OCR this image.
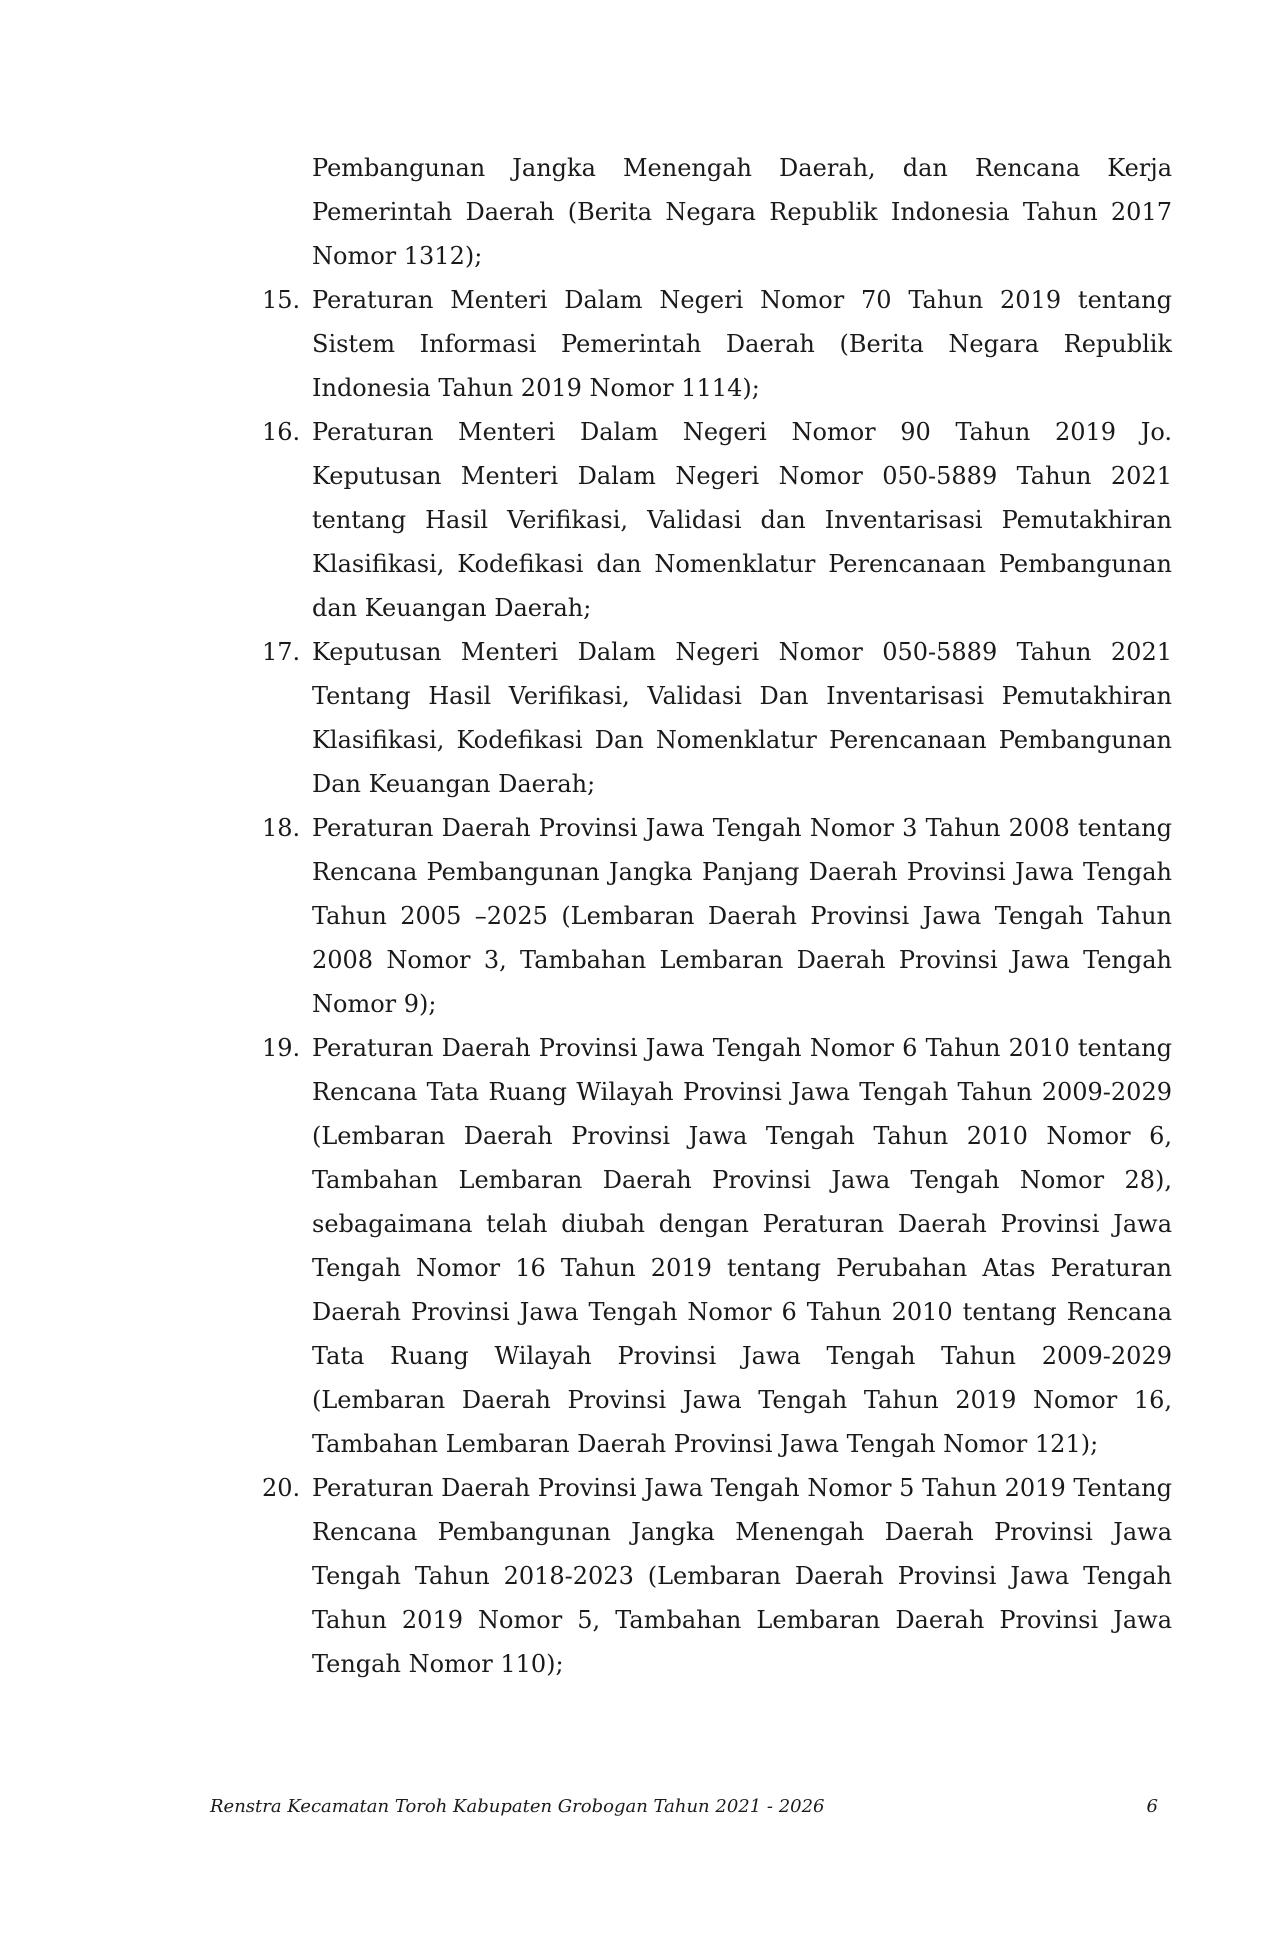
Pembangunan Jangka Menengah Daerah, dan Rencana Kerja Pemerintah Daerah (Berita Negara Republik Indonesia Tahun 2017 Nomor 1312);

15. Peraturan Menteri Dalam Negeri Nomor 70 Tahun 2019 tentang Sistem Informasi Pemerintah Daerah (Berita Negara Republik Indonesia Tahun 2019 Nomor 1114);
16. Peraturan Menteri Dalam Negeri Nomor 90 Tahun 2019 Jo. Keputusan Menteri Dalam Negeri Nomor 050-5889 Tahun 2021 tentang Hasil Verifikasi, Validasi dan Inventarisasi Pemutakhiran Klasifikasi, Kodefikasi dan Nomenklatur Perencanaan Pembangunan dan Keuangan Daerah;
17. Keputusan Menteri Dalam Negeri Nomor 050-5889 Tahun 2021 Tentang Hasil Verifikasi, Validasi Dan Inventarisasi Pemutakhiran Klasifikasi, Kodefikasi Dan Nomenklatur Perencanaan Pembangunan Dan Keuangan Daerah;
18. Peraturan Daerah Provinsi Jawa Tengah Nomor 3 Tahun 2008 tentang Rencana Pembangunan Jangka Panjang Daerah Provinsi Jawa Tengah Tahun 2005 –2025 (Lembaran Daerah Provinsi Jawa Tengah Tahun 2008 Nomor 3, Tambahan Lembaran Daerah Provinsi Jawa Tengah Nomor 9);
19. Peraturan Daerah Provinsi Jawa Tengah Nomor 6 Tahun 2010 tentang Rencana Tata Ruang Wilayah Provinsi Jawa Tengah Tahun 2009-2029 (Lembaran Daerah Provinsi Jawa Tengah Tahun 2010 Nomor 6, Tambahan Lembaran Daerah Provinsi Jawa Tengah Nomor 28), sebagaimana telah diubah dengan Peraturan Daerah Provinsi Jawa Tengah Nomor 16 Tahun 2019 tentang Perubahan Atas Peraturan Daerah Provinsi Jawa Tengah Nomor 6 Tahun 2010 tentang Rencana Tata Ruang Wilayah Provinsi Jawa Tengah Tahun 2009-2029 (Lembaran Daerah Provinsi Jawa Tengah Tahun 2019 Nomor 16, Tambahan Lembaran Daerah Provinsi Jawa Tengah Nomor 121);
20. Peraturan Daerah Provinsi Jawa Tengah Nomor 5 Tahun 2019 Tentang Rencana Pembangunan Jangka Menengah Daerah Provinsi Jawa Tengah Tahun 2018-2023 (Lembaran Daerah Provinsi Jawa Tengah Tahun 2019 Nomor 5, Tambahan Lembaran Daerah Provinsi Jawa Tengah Nomor 110);
Renstra Kecamatan Toroh Kabupaten Grobogan Tahun 2021 - 2026	6
